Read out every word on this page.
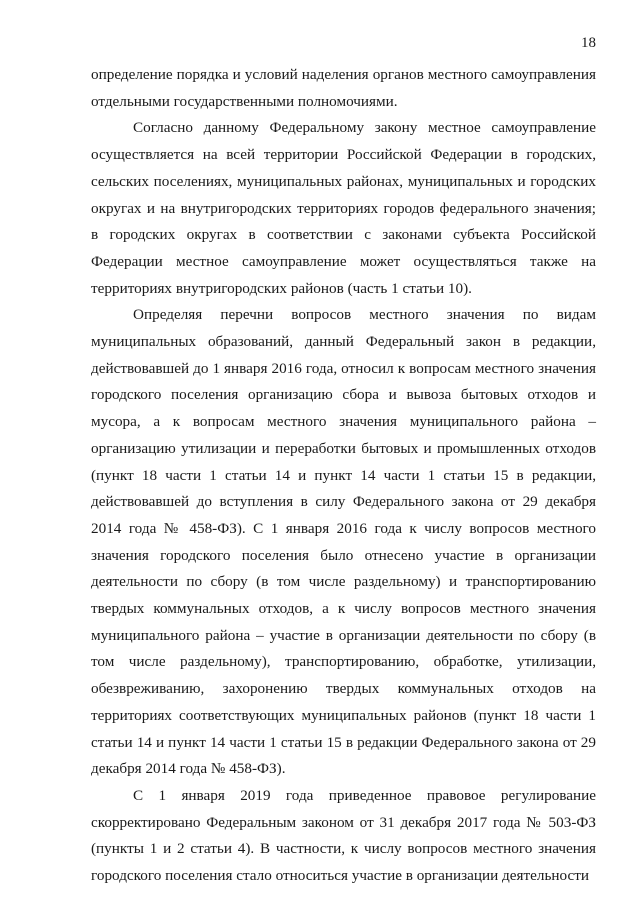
18

определение порядка и условий наделения органов местного самоуправления отдельными государственными полномочиями.

Согласно данному Федеральному закону местное самоуправление осуществляется на всей территории Российской Федерации в городских, сельских поселениях, муниципальных районах, муниципальных и городских округах и на внутригородских территориях городов федерального значения; в городских округах в соответствии с законами субъекта Российской Федерации местное самоуправление может осуществляться также на территориях внутригородских районов (часть 1 статьи 10).

Определяя перечни вопросов местного значения по видам муниципальных образований, данный Федеральный закон в редакции, действовавшей до 1 января 2016 года, относил к вопросам местного значения городского поселения организацию сбора и вывоза бытовых отходов и мусора, а к вопросам местного значения муниципального района – организацию утилизации и переработки бытовых и промышленных отходов (пункт 18 части 1 статьи 14 и пункт 14 части 1 статьи 15 в редакции, действовавшей до вступления в силу Федерального закона от 29 декабря 2014 года № 458-ФЗ). С 1 января 2016 года к числу вопросов местного значения городского поселения было отнесено участие в организации деятельности по сбору (в том числе раздельному) и транспортированию твердых коммунальных отходов, а к числу вопросов местного значения муниципального района – участие в организации деятельности по сбору (в том числе раздельному), транспортированию, обработке, утилизации, обезвреживанию, захоронению твердых коммунальных отходов на территориях соответствующих муниципальных районов (пункт 18 части 1 статьи 14 и пункт 14 части 1 статьи 15 в редакции Федерального закона от 29 декабря 2014 года № 458-ФЗ).

С 1 января 2019 года приведенное правовое регулирование скорректировано Федеральным законом от 31 декабря 2017 года № 503-ФЗ (пункты 1 и 2 статьи 4). В частности, к числу вопросов местного значения городского поселения стало относиться участие в организации деятельности
